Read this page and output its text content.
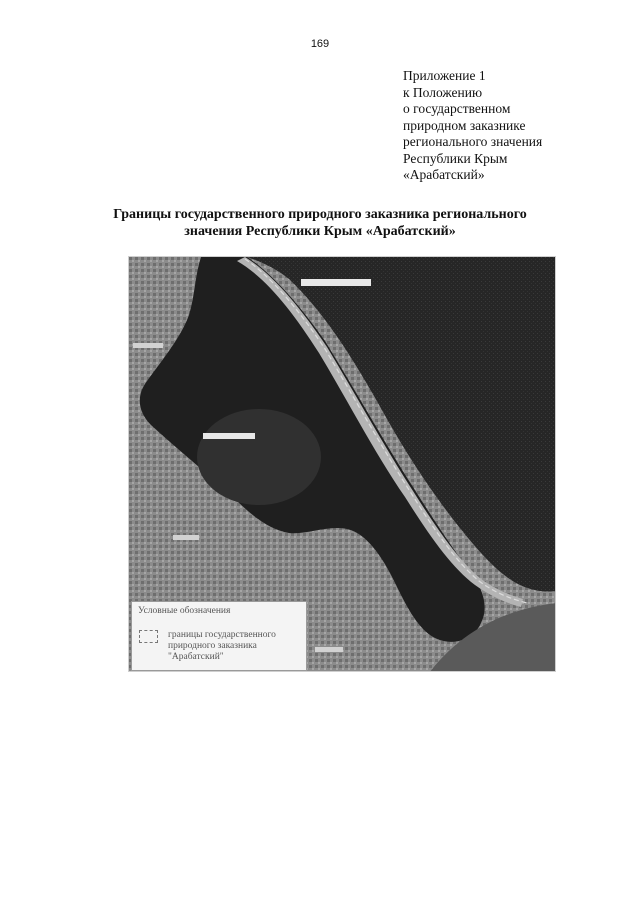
169
Приложение 1
к Положению
о государственном
природном заказнике
регионального значения
Республики Крым
«Арабатский»
Границы государственного природного заказника регионального
значения Республики Крым «Арабатский»
Условные обозначения
границы государственного
природного заказника
"Арабатский"
